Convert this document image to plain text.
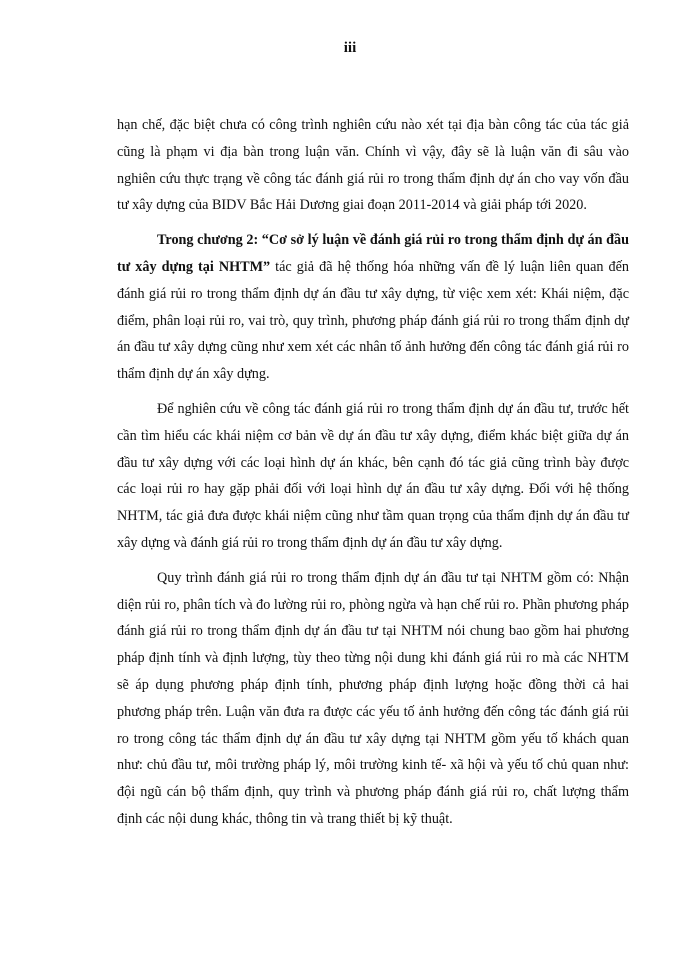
iii

hạn chế, đặc biệt chưa có công trình nghiên cứu nào xét tại địa bàn công tác của tác giả cũng là phạm vi địa bàn trong luận văn. Chính vì vậy, đây sẽ là luận văn đi sâu vào nghiên cứu thực trạng về công tác đánh giá rủi ro trong thẩm định dự án cho vay vốn đầu tư xây dựng của BIDV Bắc Hải Dương giai đoạn 2011-2014 và giải pháp tới 2020.

Trong chương 2: “Cơ sở lý luận về đánh giá rủi ro trong thẩm định dự án đầu tư xây dựng tại NHTM” tác giả đã hệ thống hóa những vấn đề lý luận liên quan đến đánh giá rủi ro trong thẩm định dự án đầu tư xây dựng, từ việc xem xét: Khái niệm, đặc điểm, phân loại rủi ro, vai trò, quy trình, phương pháp đánh giá rủi ro trong thẩm định dự án đầu tư xây dựng cũng như xem xét các nhân tố ảnh hưởng đến công tác đánh giá rủi ro thẩm định dự án xây dựng.

Để nghiên cứu về công tác đánh giá rủi ro trong thẩm định dự án đầu tư, trước hết cần tìm hiểu các khái niệm cơ bản về dự án đầu tư xây dựng, điểm khác biệt giữa dự án đầu tư xây dựng với các loại hình dự án khác, bên cạnh đó tác giả cũng trình bày được các loại rủi ro hay gặp phải đối với loại hình dự án đầu tư xây dựng. Đối với hệ thống NHTM, tác giả đưa được khái niệm cũng như tầm quan trọng của thẩm định dự án đầu tư xây dựng và đánh giá rủi ro trong thẩm định dự án đầu tư xây dựng.

Quy trình đánh giá rủi ro trong thẩm định dự án đầu tư tại NHTM gồm có: Nhận diện rủi ro, phân tích và đo lường rủi ro, phòng ngừa và hạn chế rủi ro. Phần phương pháp đánh giá rủi ro trong thẩm định dự án đầu tư tại NHTM nói chung bao gồm hai phương pháp định tính và định lượng, tùy theo từng nội dung khi đánh giá rủi ro mà các NHTM sẽ áp dụng phương pháp định tính, phương pháp định lượng hoặc đồng thời cả hai phương pháp trên. Luận văn đưa ra được các yếu tố ảnh hưởng đến công tác đánh giá rủi ro trong công tác thẩm định dự án đầu tư xây dựng tại NHTM gồm yếu tố khách quan như: chủ đầu tư, môi trường pháp lý, môi trường kinh tế- xã hội và yếu tố chủ quan như: đội ngũ cán bộ thẩm định, quy trình và phương pháp đánh giá rủi ro, chất lượng thẩm định các nội dung khác, thông tin và trang thiết bị kỹ thuật.
